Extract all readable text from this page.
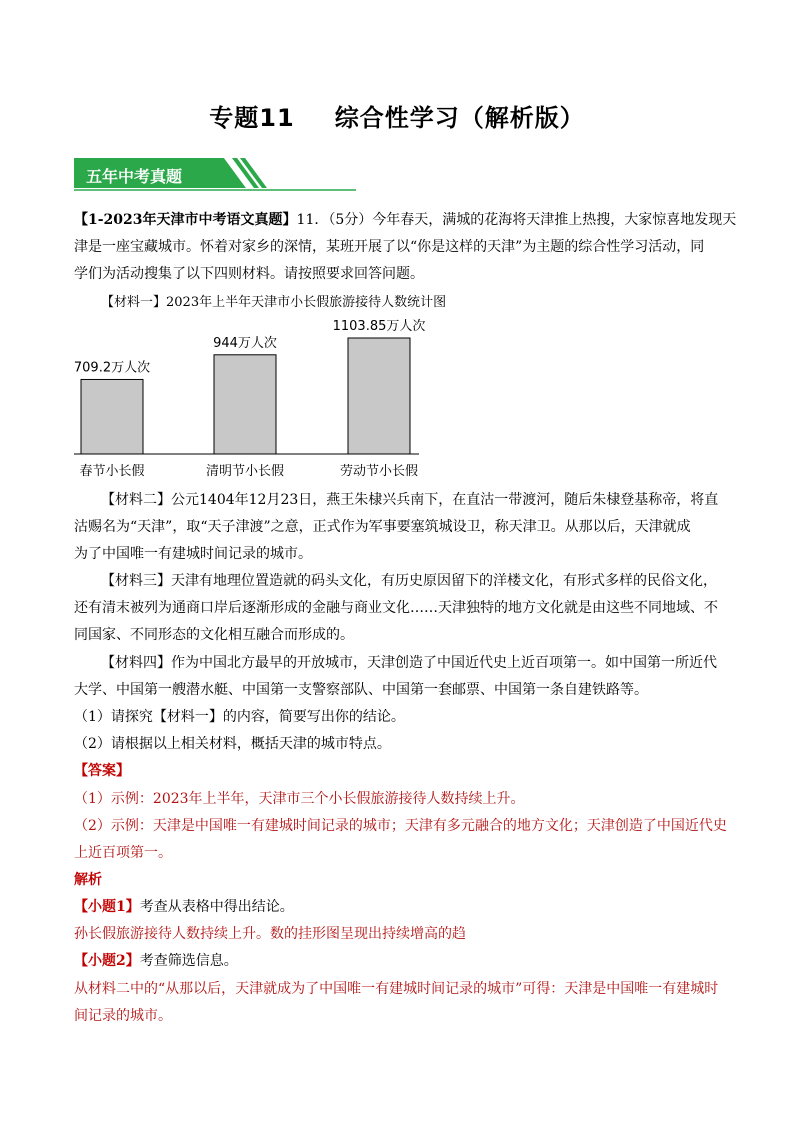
专题11 综合性学习（解析版）
五年中考真题
【1-2023年天津市中考语文真题】11．（5分）今年春天，满城的花海将天津推上热搜，大家惊喜地发现天
津是一座宝藏城市。怀着对家乡的深情，某班开展了以“你是这样的天津”为主题的综合性学习活动，同
学们为活动搜集了以下四则材料。请按照要求回答问题。
【材料一】2023年上半年天津市小长假旅游接待人数统计图
709.2万人次
春节小长假
944万人次
清明节小长假
1103.85万人次
劳动节小长假
【材料二】公元1404年12月23日，燕王朱棣兴兵南下，在直沽一带渡河，随后朱棣登基称帝，将直
沽赐名为“天津”，取“天子津渡”之意，正式作为军事要塞筑城设卫，称天津卫。从那以后，天津就成
为了中国唯一有建城时间记录的城市。
【材料三】天津有地理位置造就的码头文化，有历史原因留下的洋楼文化，有形式多样的民俗文化，
还有清末被列为通商口岸后逐渐形成的金融与商业文化……天津独特的地方文化就是由这些不同地域、不
同国家、不同形态的文化相互融合而形成的。
【材料四】作为中国北方最早的开放城市，天津创造了中国近代史上近百项第一。如中国第一所近代
大学、中国第一艘潜水艇、中国第一支警察部队、中国第一套邮票、中国第一条自建铁路等。
（1）请探究【材料一】的内容，简要写出你的结论。
（2）请根据以上相关材料，概括天津的城市特点。
【答案】
（1）示例：2023年上半年，天津市三个小长假旅游接待人数持续上升。
（2）示例：天津是中国唯一有建城时间记录的城市；天津有多元融合的地方文化；天津创造了中国近代史
上近百项第一。
解析
【小题1】考查从表格中得出结论。
孙长假旅游接待人数持续上升。数的挂形图呈现出持续增高的趋
【小题2】考查筛选信息。
从材料二中的“从那以后，天津就成为了中国唯一有建城时间记录的城市”可得：天津是中国唯一有建城时
间记录的城市。
